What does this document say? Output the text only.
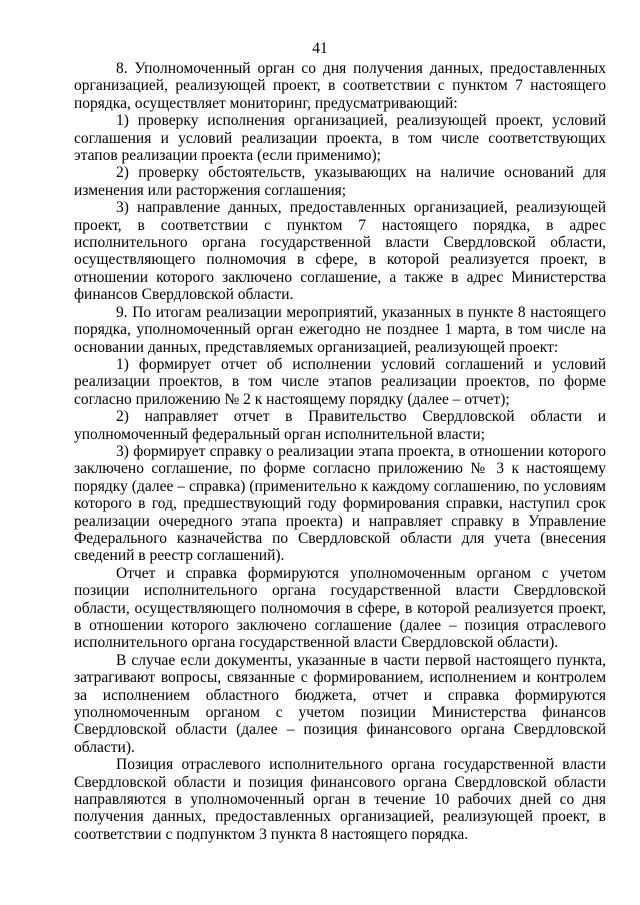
41

8. Уполномоченный орган со дня получения данных, предоставленных организацией, реализующей проект, в соответствии с пунктом 7 настоящего порядка, осуществляет мониторинг, предусматривающий:

1) проверку исполнения организацией, реализующей проект, условий соглашения и условий реализации проекта, в том числе соответствующих этапов реализации проекта (если применимо);

2) проверку обстоятельств, указывающих на наличие оснований для изменения или расторжения соглашения;

3) направление данных, предоставленных организацией, реализующей проект, в соответствии с пунктом 7 настоящего порядка, в адрес исполнительного органа государственной власти Свердловской области, осуществляющего полномочия в сфере, в которой реализуется проект, в отношении которого заключено соглашение, а также в адрес Министерства финансов Свердловской области.

9. По итогам реализации мероприятий, указанных в пункте 8 настоящего порядка, уполномоченный орган ежегодно не позднее 1 марта, в том числе на основании данных, представляемых организацией, реализующей проект:

1) формирует отчет об исполнении условий соглашений и условий реализации проектов, в том числе этапов реализации проектов, по форме согласно приложению № 2 к настоящему порядку (далее – отчет);

2) направляет отчет в Правительство Свердловской области и уполномоченный федеральный орган исполнительной власти;

3) формирует справку о реализации этапа проекта, в отношении которого заключено соглашение, по форме согласно приложению № 3 к настоящему порядку (далее – справка) (применительно к каждому соглашению, по условиям которого в год, предшествующий году формирования справки, наступил срок реализации очередного этапа проекта) и направляет справку в Управление Федерального казначейства по Свердловской области для учета (внесения сведений в реестр соглашений).

Отчет и справка формируются уполномоченным органом с учетом позиции исполнительного органа государственной власти Свердловской области, осуществляющего полномочия в сфере, в которой реализуется проект, в отношении которого заключено соглашение (далее – позиция отраслевого исполнительного органа государственной власти Свердловской области).

В случае если документы, указанные в части первой настоящего пункта, затрагивают вопросы, связанные с формированием, исполнением и контролем за исполнением областного бюджета, отчет и справка формируются уполномоченным органом с учетом позиции Министерства финансов Свердловской области (далее – позиция финансового органа Свердловской области).

Позиция отраслевого исполнительного органа государственной власти Свердловской области и позиция финансового органа Свердловской области направляются в уполномоченный орган в течение 10 рабочих дней со дня получения данных, предоставленных организацией, реализующей проект, в соответствии с подпунктом 3 пункта 8 настоящего порядка.
